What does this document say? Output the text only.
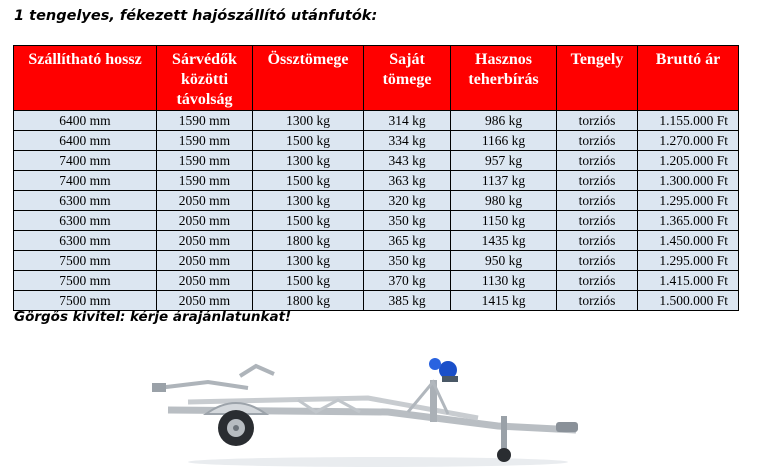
1 tengelyes, fékezett hajószállító utánfutók:
Szállítható hossz	Sárvédők közötti távolság	Össztömege	Saját tömege	Hasznos teherbírás	Tengely	Bruttó ár
6400 mm	1590 mm	1300 kg	314 kg	986 kg	torziós	1.155.000 Ft
6400 mm	1590 mm	1500 kg	334 kg	1166 kg	torziós	1.270.000 Ft
7400 mm	1590 mm	1300 kg	343 kg	957 kg	torziós	1.205.000 Ft
7400 mm	1590 mm	1500 kg	363 kg	1137 kg	torziós	1.300.000 Ft
6300 mm	2050 mm	1300 kg	320 kg	980 kg	torziós	1.295.000 Ft
6300 mm	2050 mm	1500 kg	350 kg	1150 kg	torziós	1.365.000 Ft
6300 mm	2050 mm	1800 kg	365 kg	1435 kg	torziós	1.450.000 Ft
7500 mm	2050 mm	1300 kg	350 kg	950 kg	torziós	1.295.000 Ft
7500 mm	2050 mm	1500 kg	370 kg	1130 kg	torziós	1.415.000 Ft
7500 mm	2050 mm	1800 kg	385 kg	1415 kg	torziós	1.500.000 Ft
Görgős kivitel: kérje árajánlatunkat!
